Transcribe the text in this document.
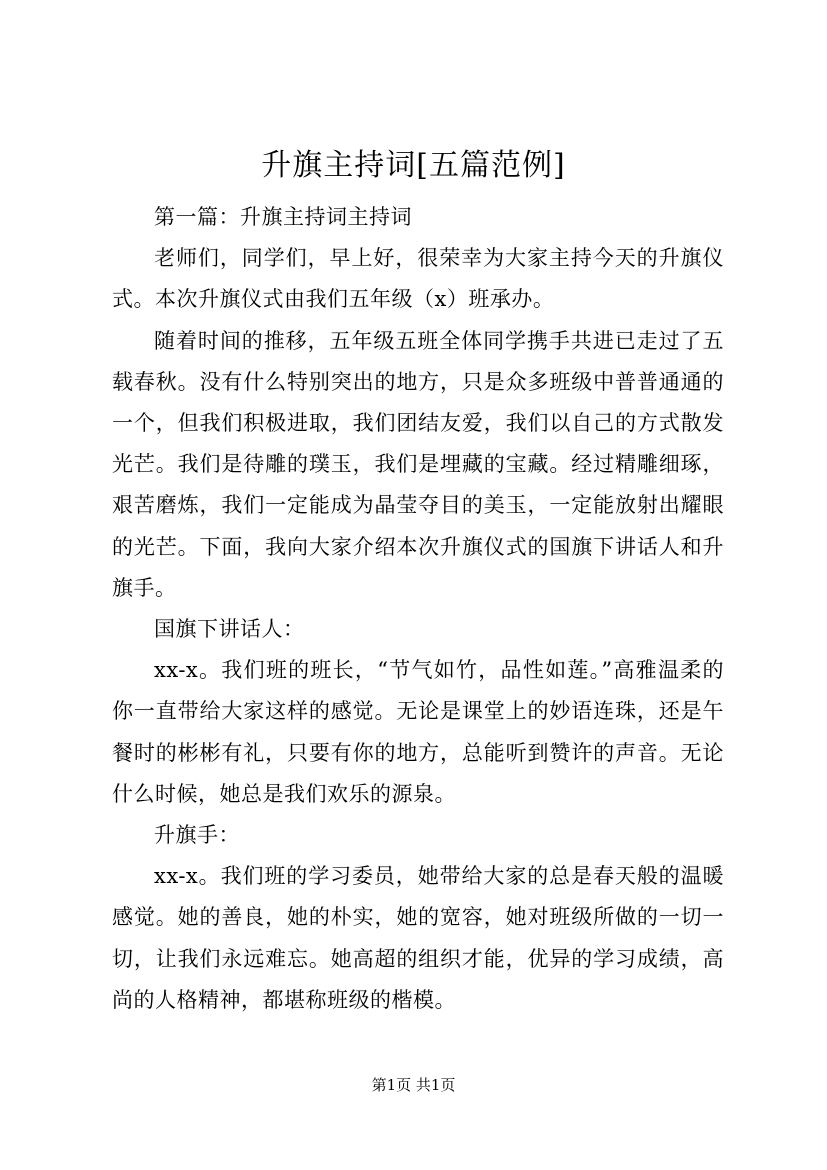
升旗主持词[五篇范例]

第一篇：升旗主持词主持词

老师们，同学们，早上好，很荣幸为大家主持今天的升旗仪式。本次升旗仪式由我们五年级（x）班承办。

随着时间的推移，五年级五班全体同学携手共进已走过了五载春秋。没有什么特别突出的地方，只是众多班级中普普通通的一个，但我们积极进取，我们团结友爱，我们以自己的方式散发光芒。我们是待雕的璞玉，我们是埋藏的宝藏。经过精雕细琢，艰苦磨炼，我们一定能成为晶莹夺目的美玉，一定能放射出耀眼的光芒。下面，我向大家介绍本次升旗仪式的国旗下讲话人和升旗手。

国旗下讲话人：

xx-x。我们班的班长，“节气如竹，品性如莲。”高雅温柔的你一直带给大家这样的感觉。无论是课堂上的妙语连珠，还是午餐时的彬彬有礼，只要有你的地方，总能听到赞许的声音。无论什么时候，她总是我们欢乐的源泉。

升旗手：

xx-x。我们班的学习委员，她带给大家的总是春天般的温暖感觉。她的善良，她的朴实，她的宽容，她对班级所做的一切一切，让我们永远难忘。她高超的组织才能，优异的学习成绩，高尚的人格精神，都堪称班级的楷模。

第1页 共1页
